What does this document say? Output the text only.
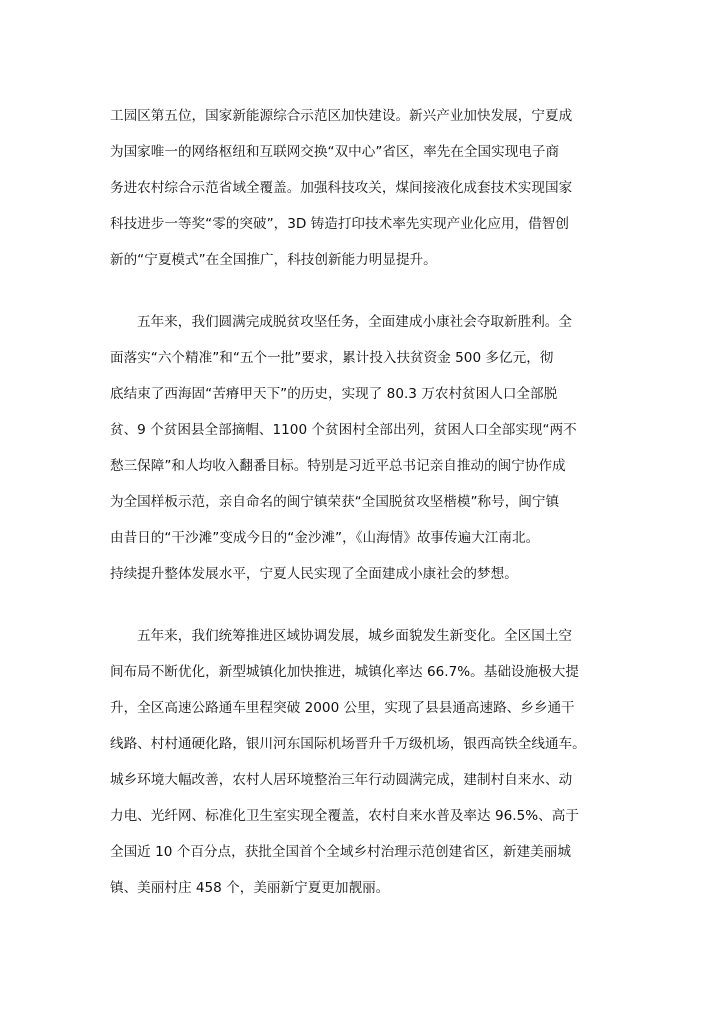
工园区第五位，国家新能源综合示范区加快建设。新兴产业加快发展，宁夏成
为国家唯一的网络枢纽和互联网交换“双中心”省区，率先在全国实现电子商
务进农村综合示范省域全覆盖。加强科技攻关，煤间接液化成套技术实现国家
科技进步一等奖“零的突破”，3D 铸造打印技术率先实现产业化应用，借智创
新的“宁夏模式”在全国推广，科技创新能力明显提升。
五年来，我们圆满完成脱贫攻坚任务，全面建成小康社会夺取新胜利。全
面落实“六个精准”和“五个一批”要求，累计投入扶贫资金 500 多亿元，彻
底结束了西海固“苦瘠甲天下”的历史，实现了 80.3 万农村贫困人口全部脱
贫、9 个贫困县全部摘帽、1100 个贫困村全部出列，贫困人口全部实现“两不
愁三保障”和人均收入翻番目标。特别是习近平总书记亲自推动的闽宁协作成
为全国样板示范，亲自命名的闽宁镇荣获“全国脱贫攻坚楷模”称号，闽宁镇
由昔日的“干沙滩”变成今日的“金沙滩”，《山海情》故事传遍大江南北。
持续提升整体发展水平，宁夏人民实现了全面建成小康社会的梦想。
五年来，我们统筹推进区域协调发展，城乡面貌发生新变化。全区国土空
间布局不断优化，新型城镇化加快推进，城镇化率达 66.7%。基础设施极大提
升，全区高速公路通车里程突破 2000 公里，实现了县县通高速路、乡乡通干
线路、村村通硬化路，银川河东国际机场晋升千万级机场，银西高铁全线通车。
城乡环境大幅改善，农村人居环境整治三年行动圆满完成，建制村自来水、动
力电、光纤网、标准化卫生室实现全覆盖，农村自来水普及率达 96.5%、高于
全国近 10 个百分点，获批全国首个全域乡村治理示范创建省区，新建美丽城
镇、美丽村庄 458 个，美丽新宁夏更加靓丽。
